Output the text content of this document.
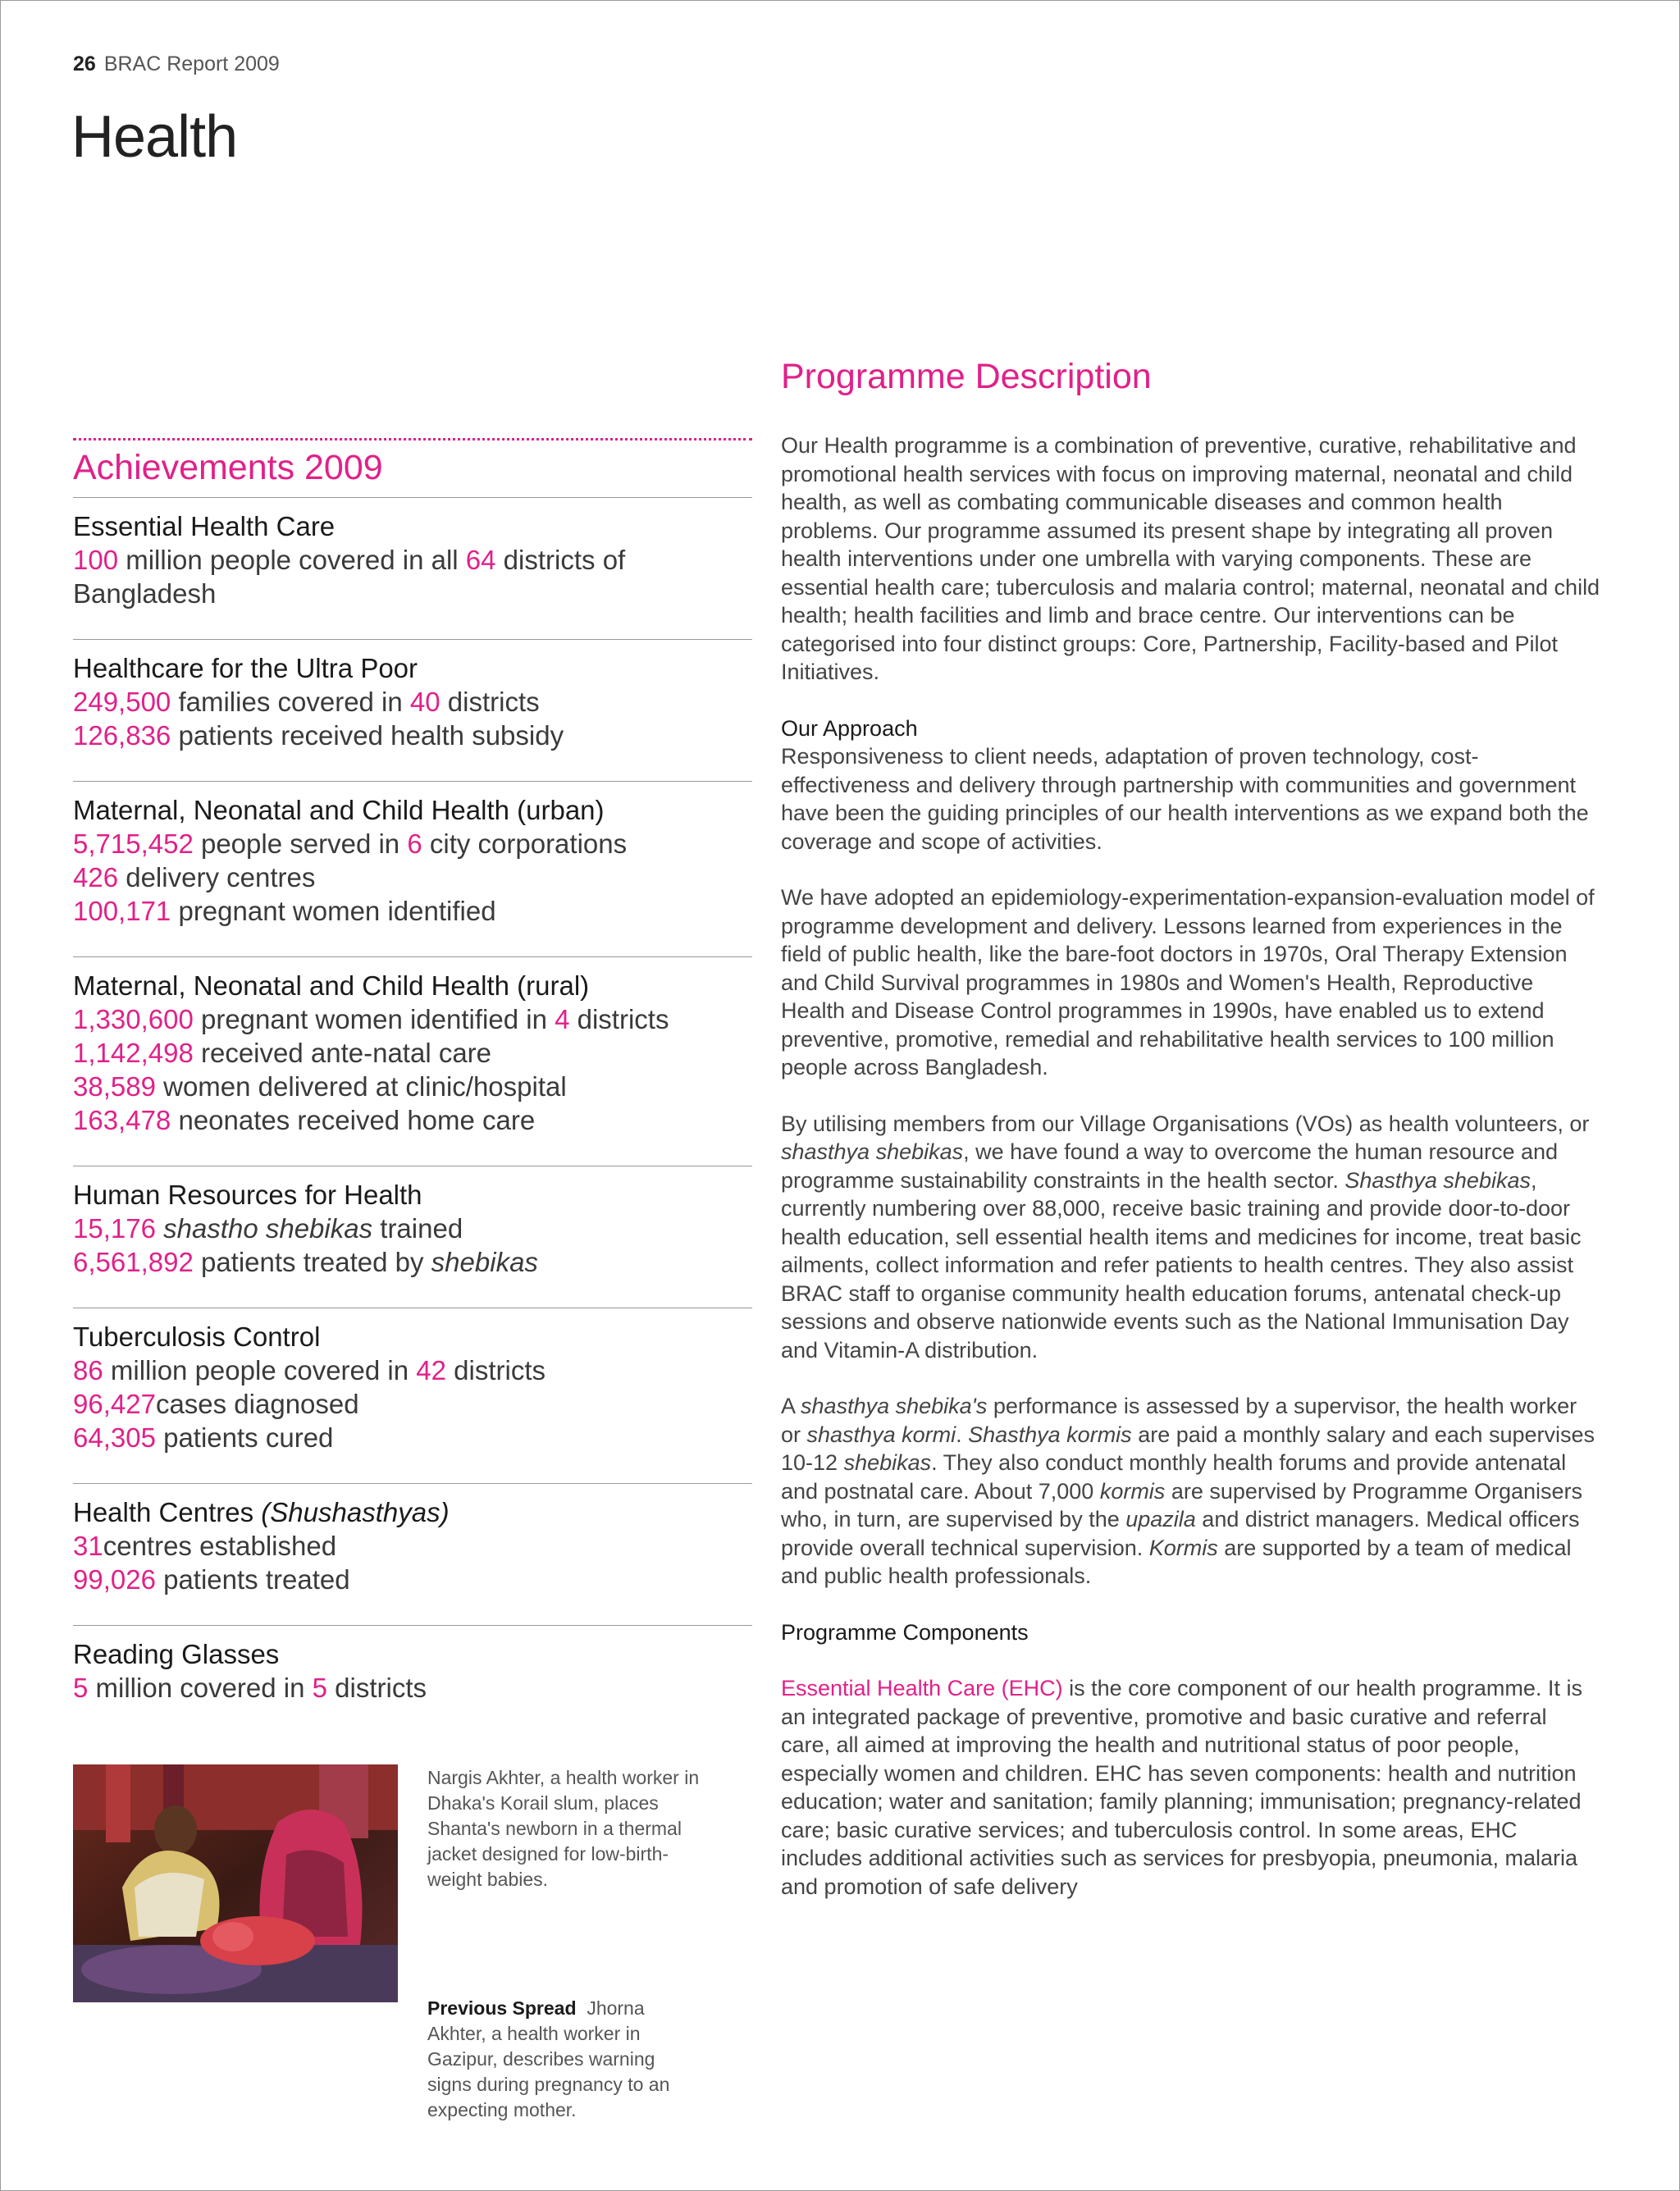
26 BRAC Report 2009
Health
Achievements 2009
Essential Health Care
100 million people covered in all 64 districts of
Bangladesh
Healthcare for the Ultra Poor
249,500 families covered in 40 districts
126,836 patients received health subsidy
Maternal, Neonatal and Child Health (urban)
5,715,452 people served in 6 city corporations
426 delivery centres
100,171 pregnant women identified
Maternal, Neonatal and Child Health (rural)
1,330,600 pregnant women identified in 4 districts
1,142,498 received ante-natal care
38,589 women delivered at clinic/hospital
163,478 neonates received home care
Human Resources for Health
15,176 shastho shebikas trained
6,561,892 patients treated by shebikas
Tuberculosis Control
86 million people covered in 42 districts
96,427cases diagnosed
64,305 patients cured
Health Centres (Shushasthyas)
31centres established
99,026 patients treated
Reading Glasses
5 million covered in 5 districts
Nargis Akhter, a health worker in Dhaka's Korail slum, places Shanta's newborn in a thermal jacket designed for low-birth-weight babies.
Previous Spread Jhorna Akhter, a health worker in Gazipur, describes warning signs during pregnancy to an expecting mother.
Programme Description

Our Health programme is a combination of preventive, curative, rehabilitative and promotional health services with focus on improving maternal, neonatal and child health, as well as combating communicable diseases and common health problems. Our programme assumed its present shape by integrating all proven health interventions under one umbrella with varying components. These are essential health care; tuberculosis and malaria control; maternal, neonatal and child health; health facilities and limb and brace centre. Our interventions can be categorised into four distinct groups: Core, Partnership, Facility-based and Pilot Initiatives.

Our Approach

Responsiveness to client needs, adaptation of proven technology, cost-effectiveness and delivery through partnership with communities and government have been the guiding principles of our health interventions as we expand both the coverage and scope of activities.

We have adopted an epidemiology-experimentation-expansion-evaluation model of programme development and delivery. Lessons learned from experiences in the field of public health, like the bare-foot doctors in 1970s, Oral Therapy Extension and Child Survival programmes in 1980s and Women's Health, Reproductive Health and Disease Control programmes in 1990s, have enabled us to extend preventive, promotive, remedial and rehabilitative health services to 100 million people across Bangladesh.

By utilising members from our Village Organisations (VOs) as health volunteers, or shasthya shebikas, we have found a way to overcome the human resource and programme sustainability constraints in the health sector. Shasthya shebikas, currently numbering over 88,000, receive basic training and provide door-to-door health education, sell essential health items and medicines for income, treat basic ailments, collect information and refer patients to health centres. They also assist BRAC staff to organise community health education forums, antenatal check-up sessions and observe nationwide events such as the National Immunisation Day and Vitamin-A distribution.

A shasthya shebika's performance is assessed by a supervisor, the health worker or shasthya kormi. Shasthya kormis are paid a monthly salary and each supervises 10-12 shebikas. They also conduct monthly health forums and provide antenatal and postnatal care. About 7,000 kormis are supervised by Programme Organisers who, in turn, are supervised by the upazila and district managers. Medical officers provide overall technical supervision. Kormis are supported by a team of medical and public health professionals.

Programme Components

Essential Health Care (EHC) is the core component of our health programme. It is an integrated package of preventive, promotive and basic curative and referral care, all aimed at improving the health and nutritional status of poor people, especially women and children. EHC has seven components: health and nutrition education; water and sanitation; family planning; immunisation; pregnancy-related care; basic curative services; and tuberculosis control. In some areas, EHC includes additional activities such as services for presbyopia, pneumonia, malaria and promotion of safe delivery
